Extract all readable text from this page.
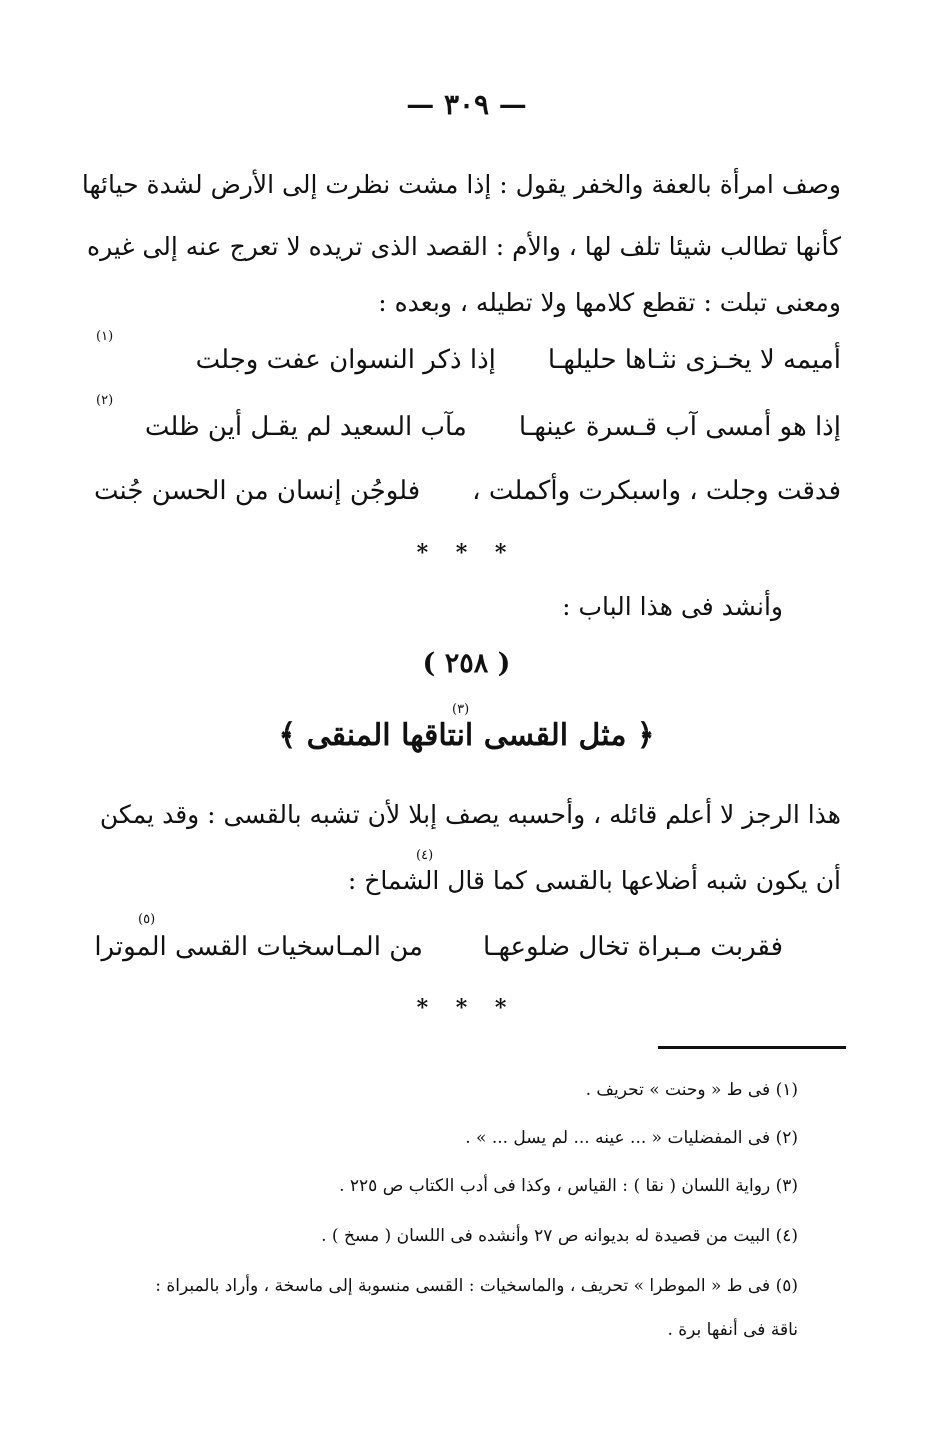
— ٣٠٩ —
وصف امرأة بالعفة والخفر يقول : إذا مشت نظرت إلى الأرض لشدة حيائها
كأنها تطالب شيئا تلف لها ، والأم : القصد الذى تريده لا تعرج عنه إلى غيره
ومعنى تبلت : تقطع كلامها ولا تطيله ، وبعده :
أميمه لا يخـزى نثـاها حليلهـا
إذا ذكر النسوان عفت وجلت
(١)
إذا هو أمسى آب قـسرة عينهـا
مآب السعيد لم يقـل أين ظلت
(٢)
فدقت وجلت ، واسبكرت وأكملت ،
فلوجُن إنسان من الحسن جُنت
* * *
وأنشد فى هذا الباب :
( ٢٥٨ )
(٣)
﴿ مثل القسى انتاقها المنقى ﴾
هذا الرجز لا أعلم قائله ، وأحسبه يصف إبلا لأن تشبه بالقسى : وقد يمكن
أن يكون شبه أضلاعها بالقسى كما قال الشماخ :
(٤)
فقربت مـبراة تخال ضلوعهـا
من المـاسخيات القسى الموترا
(٥)
* * *
(١) فى ط « وحنت » تحريف .
(٢) فى المفضليات « ... عينه ... لم يسل ... » .
(٣) رواية اللسان ( نقا ) : القياس ، وكذا فى أدب الكتاب ص ٢٢٥ .
(٤) البيت من قصيدة له بديوانه ص ٢٧ وأنشده فى اللسان ( مسخ ) .
(٥) فى ط « الموطرا » تحريف ، والماسخيات : القسى منسوبة إلى ماسخة ، وأراد بالمبراة :
ناقة فى أنفها برة .
